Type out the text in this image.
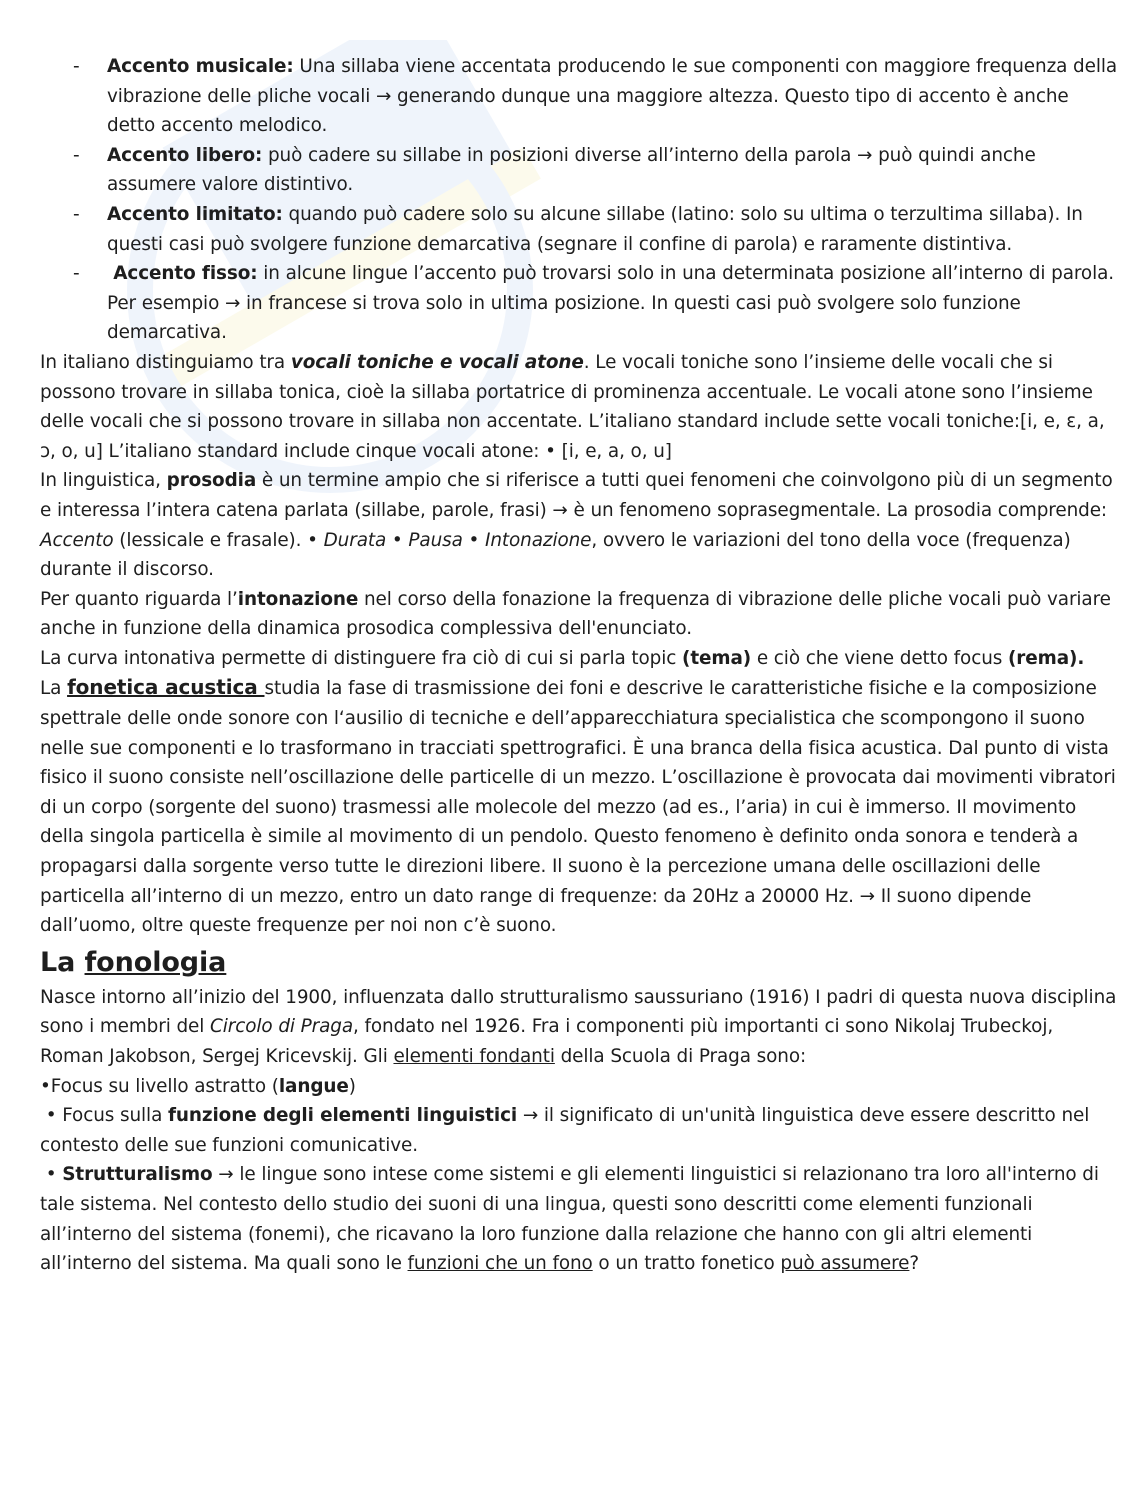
- Accento musicale: Una sillaba viene accentata producendo le sue componenti con maggiore frequenza della vibrazione delle pliche vocali → generando dunque una maggiore altezza. Questo tipo di accento è anche detto accento melodico.
- Accento libero: può cadere su sillabe in posizioni diverse all’interno della parola → può quindi anche assumere valore distintivo.
- Accento limitato: quando può cadere solo su alcune sillabe (latino: solo su ultima o terzultima sillaba). In questi casi può svolgere funzione demarcativa (segnare il confine di parola) e raramente distintiva.
- Accento fisso: in alcune lingue l’accento può trovarsi solo in una determinata posizione all’interno di parola. Per esempio → in francese si trova solo in ultima posizione. In questi casi può svolgere solo funzione demarcativa.

In italiano distinguiamo tra vocali toniche e vocali atone. Le vocali toniche sono l’insieme delle vocali che si possono trovare in sillaba tonica, cioè la sillaba portatrice di prominenza accentuale. Le vocali atone sono l’insieme delle vocali che si possono trovare in sillaba non accentate. L’italiano standard include sette vocali toniche:[i, e, ɛ, a, ɔ, o, u] L’italiano standard include cinque vocali atone: • [i, e, a, o, u]

In linguistica, prosodia è un termine ampio che si riferisce a tutti quei fenomeni che coinvolgono più di un segmento e interessa l’intera catena parlata (sillabe, parole, frasi) → è un fenomeno soprasegmentale. La prosodia comprende: Accento (lessicale e frasale). • Durata • Pausa • Intonazione, ovvero le variazioni del tono della voce (frequenza) durante il discorso.

Per quanto riguarda l’intonazione nel corso della fonazione la frequenza di vibrazione delle pliche vocali può variare anche in funzione della dinamica prosodica complessiva dell'enunciato.

La curva intonativa permette di distinguere fra ciò di cui si parla topic (tema) e ciò che viene detto focus (rema).

La fonetica acustica studia la fase di trasmissione dei foni e descrive le caratteristiche fisiche e la composizione spettrale delle onde sonore con l‘ausilio di tecniche e dell’apparecchiatura specialistica che scompongono il suono nelle sue componenti e lo trasformano in tracciati spettrografici. È una branca della fisica acustica. Dal punto di vista fisico il suono consiste nell’oscillazione delle particelle di un mezzo. L’oscillazione è provocata dai movimenti vibratori di un corpo (sorgente del suono) trasmessi alle molecole del mezzo (ad es., l’aria) in cui è immerso. Il movimento della singola particella è simile al movimento di un pendolo. Questo fenomeno è definito onda sonora e tenderà a propagarsi dalla sorgente verso tutte le direzioni libere. Il suono è la percezione umana delle oscillazioni delle particella all’interno di un mezzo, entro un dato range di frequenze: da 20Hz a 20000 Hz. → Il suono dipende dall’uomo, oltre queste frequenze per noi non c’è suono.

La fonologia

Nasce intorno all’inizio del 1900, influenzata dallo strutturalismo saussuriano (1916) I padri di questa nuova disciplina sono i membri del Circolo di Praga, fondato nel 1926. Fra i componenti più importanti ci sono Nikolaj Trubeckoj, Roman Jakobson, Sergej Kricevskij. Gli elementi fondanti della Scuola di Praga sono:

•Focus su livello astratto (langue)

• Focus sulla funzione degli elementi linguistici → il significato di un'unità linguistica deve essere descritto nel contesto delle sue funzioni comunicative.

• Strutturalismo → le lingue sono intese come sistemi e gli elementi linguistici si relazionano tra loro all'interno di tale sistema. Nel contesto dello studio dei suoni di una lingua, questi sono descritti come elementi funzionali all’interno del sistema (fonemi), che ricavano la loro funzione dalla relazione che hanno con gli altri elementi all’interno del sistema. Ma quali sono le funzioni che un fono o un tratto fonetico può assumere?
